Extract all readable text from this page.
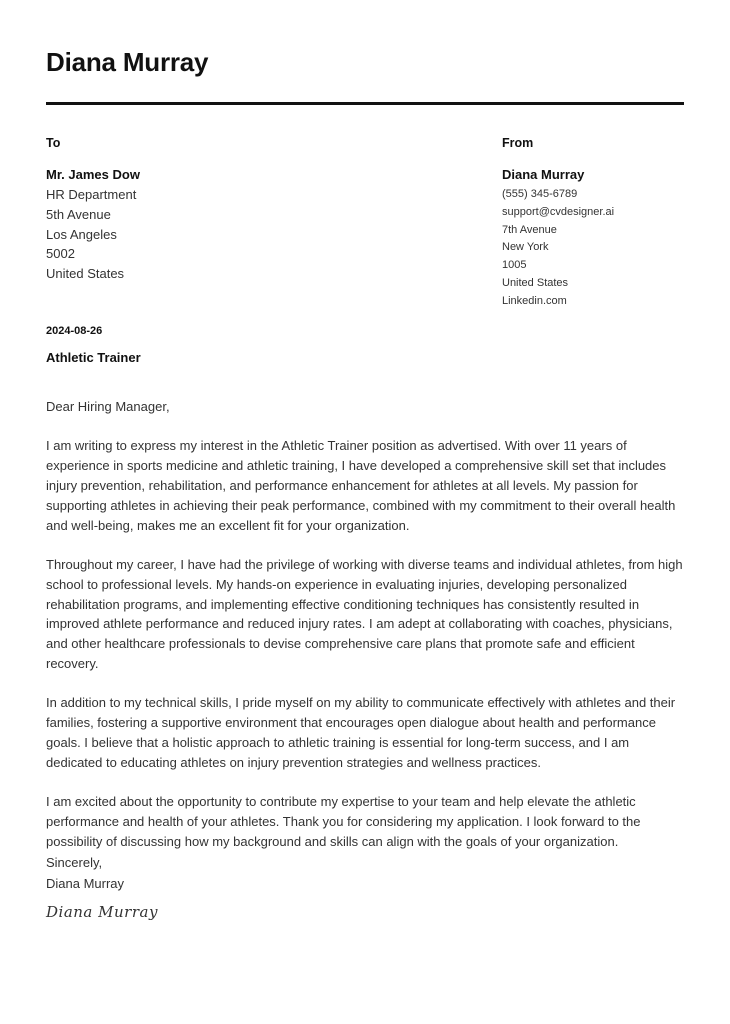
Diana Murray
To
Mr. James Dow
HR Department
5th Avenue
Los Angeles
5002
United States
From
Diana Murray
(555) 345-6789
support@cvdesigner.ai
7th Avenue
New York
1005
United States
Linkedin.com
2024-08-26
Athletic Trainer

Dear Hiring Manager,

I am writing to express my interest in the Athletic Trainer position as advertised. With over 11 years of experience in sports medicine and athletic training, I have developed a comprehensive skill set that includes injury prevention, rehabilitation, and performance enhancement for athletes at all levels. My passion for supporting athletes in achieving their peak performance, combined with my commitment to their overall health and well-being, makes me an excellent fit for your organization.

Throughout my career, I have had the privilege of working with diverse teams and individual athletes, from high school to professional levels. My hands-on experience in evaluating injuries, developing personalized rehabilitation programs, and implementing effective conditioning techniques has consistently resulted in improved athlete performance and reduced injury rates. I am adept at collaborating with coaches, physicians, and other healthcare professionals to devise comprehensive care plans that promote safe and efficient recovery.

In addition to my technical skills, I pride myself on my ability to communicate effectively with athletes and their families, fostering a supportive environment that encourages open dialogue about health and performance goals. I believe that a holistic approach to athletic training is essential for long-term success, and I am dedicated to educating athletes on injury prevention strategies and wellness practices.

I am excited about the opportunity to contribute my expertise to your team and help elevate the athletic performance and health of your athletes. Thank you for considering my application. I look forward to the possibility of discussing how my background and skills can align with the goals of your organization.

Sincerely,
Diana Murray
Diana Murray
